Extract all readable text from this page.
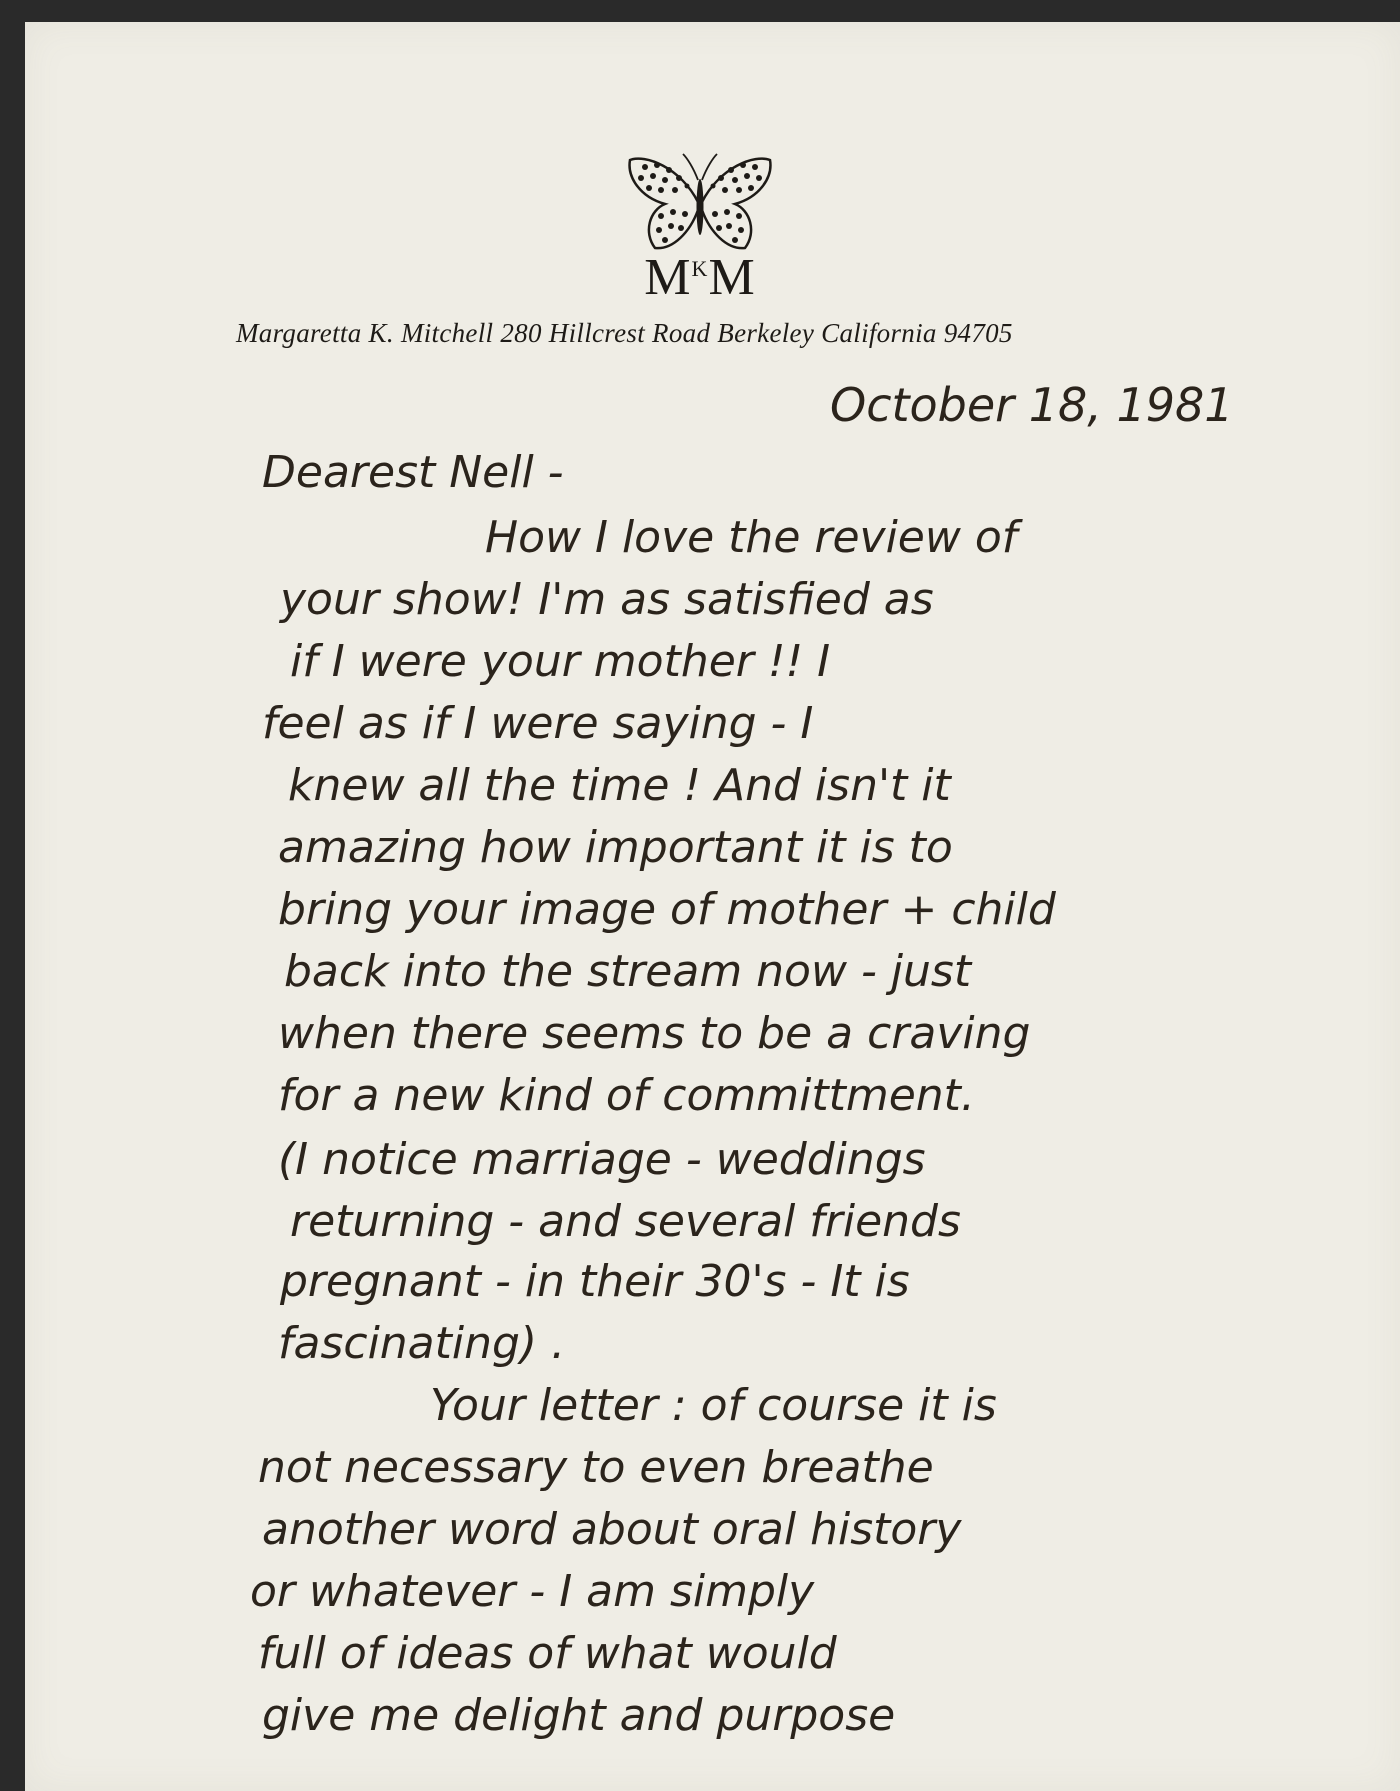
$M^KM$
Margaretta K. Mitchell 280 Hillcrest Road Berkeley California 94705
October 18, 1981
Dearest Nell -
How I love the review of
your show! I'm as satisfied as
if I were your mother !! I
feel as if I were saying - I
knew all the time ! And isn't it
amazing how important it is to
bring your image of mother + child
back into the stream now - just
when there seems to be a craving
for a new kind of committment.
(I notice marriage - weddings
returning - and several friends
pregnant - in their 30's - It is
fascinating) .
Your letter : of course it is
not necessary to even breathe
another word about oral history
or whatever - I am simply
full of ideas of what would
give me delight and purpose
